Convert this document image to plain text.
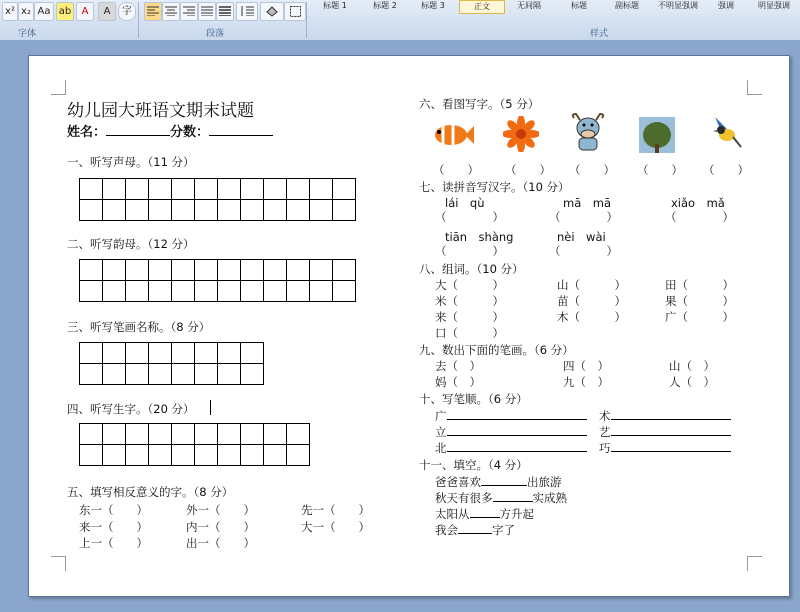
x² x₂ Aa ab	A	A	字
标题 1	标题 2	标题 3	正文	无间隔	标题	副标题	不明显强调	强调	明显强调
字体	段落	样式
幼儿园大班语文期末试题
姓名：	分数：
一、听写声母。（11 分）

二、听写韵母。（12 分）

三、听写笔画名称。（8 分）

四、听写生字。（20 分）

五、填写相反意义的字。（8 分）
东一（　　）	外一（　　）	先一（　　）
来一（　　）	内一（　　）	大一（　　）
上一（　　）	出一（　　）
六、看图写字。（5 分）
（　　） （　　） （　　） （　　） （　　）
七、读拼音写汉字。（10 分）
lái　qù	mā　mā	xiǎo　mǎ
（　　　　）	（　　　　）	（　　　　）
tiān　shàng	nèi　wài
（　　　　）	（　　　　）
八、组词。（10 分）
大（　　　）	山（　　　）	田（　　　）
米（　　　）	苗（　　　）	果（　　　）
来（　　　）	木（　　　）	广（　　　）
口（　　　）
九、数出下面的笔画。（6 分）
去（　）	四（　）	山（　）
妈（　）	九（　）	人（　）
十、写笔顺。（6 分）
广	术
立	艺
北	巧
十一、填空。（4 分）
爸爸喜欢	出旅游
秋天有很多	实成熟
太阳从	方升起
我会	字了
